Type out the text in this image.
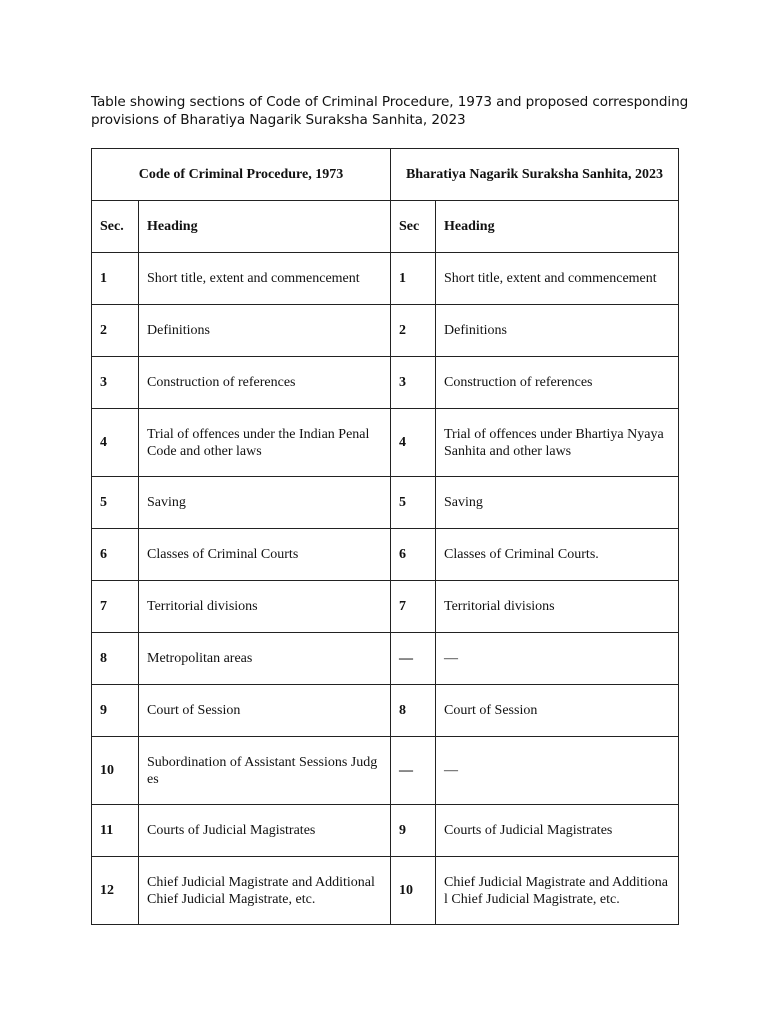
Table showing sections of Code of Criminal Procedure, 1973 and proposed corresponding provisions of Bharatiya Nagarik Suraksha Sanhita, 2023
Code of Criminal Procedure, 1973		Bharatiya Nagarik Suraksha Sanhita, 2023	
Sec.	Heading	Sec	Heading
1	Short title, extent and commencement	1	Short title, extent and commencement
2	Definitions	2	Definitions
3	Construction of references	3	Construction of references
4	Trial of offences under the Indian Penal Code and other laws	4	Trial of offences under Bhartiya Nyaya Sanhita and other laws
5	Saving	5	Saving
6	Classes of Criminal Courts	6	Classes of Criminal Courts.
7	Territorial divisions	7	Territorial divisions
8	Metropolitan areas	—	—
9	Court of Session	8	Court of Session
10	Subordination of Assistant Sessions Judges	—	—
11	Courts of Judicial Magistrates	9	Courts of Judicial Magistrates
12	Chief Judicial Magistrate and Additional Chief Judicial Magistrate, etc.	10	Chief Judicial Magistrate and Additional Chief Judicial Magistrate, etc.
